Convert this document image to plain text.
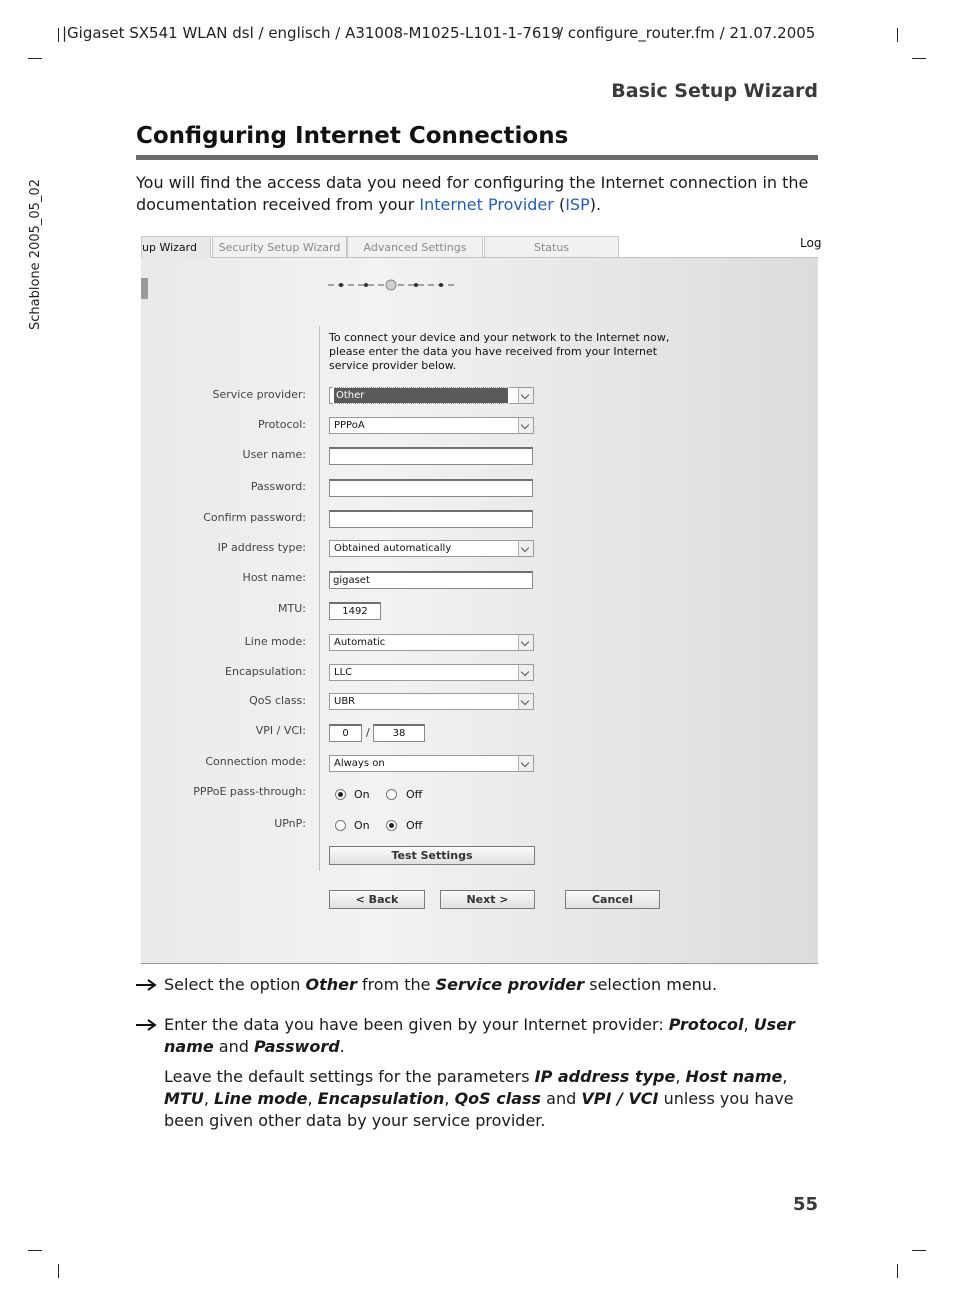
|Gigaset SX541 WLAN dsl / englisch / A31008-M1025-L101-1-7619
/ configure_router.fm / 21.07.2005
Schablone 2005_05_02
Basic Setup Wizard
Configuring Internet Connections
You will find the access data you need for configuring the Internet connection in the documentation received from your Internet Provider (ISP).
up Wizard	Security Setup Wizard	Advanced Settings	Status	Log
To connect your device and your network to the Internet now, please enter the data you have received from your Internet service provider below.
Service provider:	Other
Protocol:	PPPoA
User name:
Password:
Confirm password:
IP address type:	Obtained automatically
Host name:	gigaset
MTU:	1492
Line mode:	Automatic
Encapsulation:	LLC
QoS class:	UBR
VPI / VCI:	0	/	38
Connection mode:	Always on
PPPoE pass-through:	On	Off
UPnP:	On	Off
Test Settings
< Back	Next >	Cancel
Select the option Other from the Service provider selection menu.
Enter the data you have been given by your Internet provider: Protocol, User name and Password.
Leave the default settings for the parameters IP address type, Host name, MTU, Line mode, Encapsulation, QoS class and VPI / VCI unless you have been given other data by your service provider.
55
